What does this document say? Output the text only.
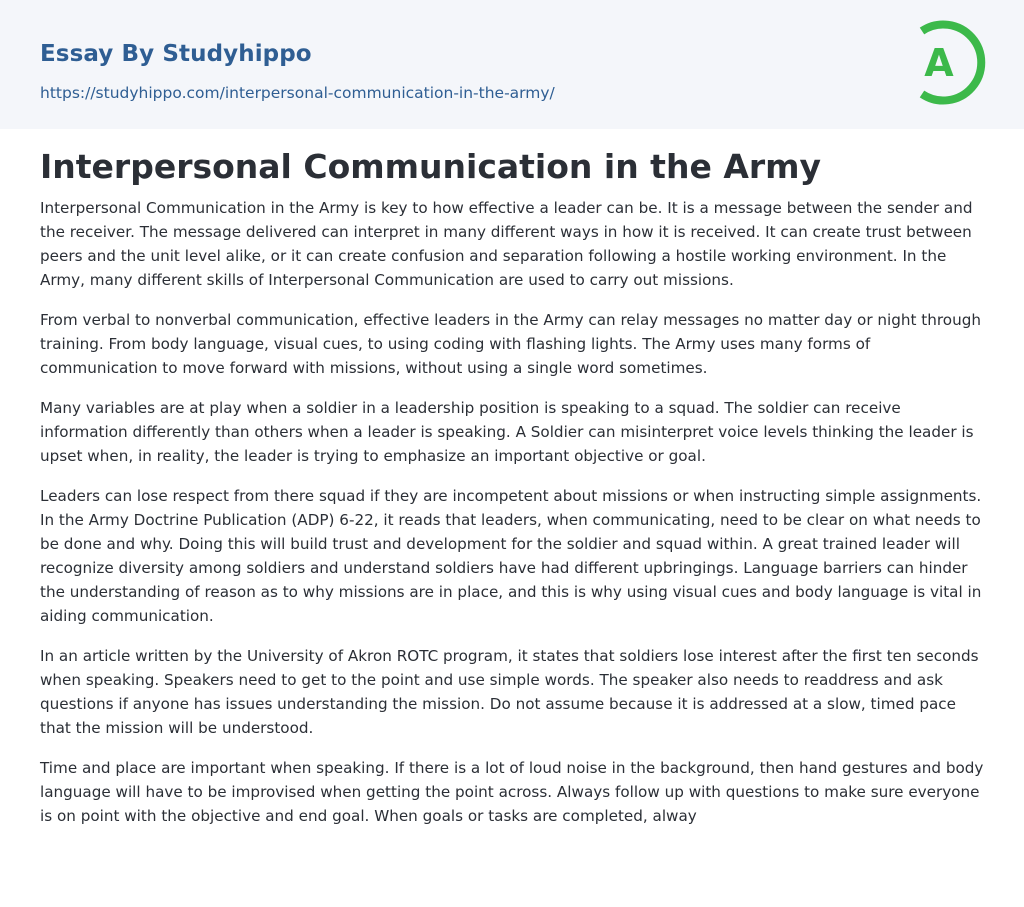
Essay By Studyhippo
https://studyhippo.com/interpersonal-communication-in-the-army/
A
Interpersonal Communication in the Army

Interpersonal Communication in the Army is key to how effective a leader can be. It is a message between the sender and the receiver. The message delivered can interpret in many different ways in how it is received. It can create trust between peers and the unit level alike, or it can create confusion and separation following a hostile working environment. In the Army, many different skills of Interpersonal Communication are used to carry out missions.

From verbal to nonverbal communication, effective leaders in the Army can relay messages no matter day or night through training. From body language, visual cues, to using coding with flashing lights. The Army uses many forms of communication to move forward with missions, without using a single word sometimes.

Many variables are at play when a soldier in a leadership position is speaking to a squad. The soldier can receive information differently than others when a leader is speaking. A Soldier can misinterpret voice levels thinking the leader is upset when, in reality, the leader is trying to emphasize an important objective or goal.

Leaders can lose respect from there squad if they are incompetent about missions or when instructing simple assignments. In the Army Doctrine Publication (ADP) 6-22, it reads that leaders, when communicating, need to be clear on what needs to be done and why. Doing this will build trust and development for the soldier and squad within. A great trained leader will recognize diversity among soldiers and understand soldiers have had different upbringings. Language barriers can hinder the understanding of reason as to why missions are in place, and this is why using visual cues and body language is vital in aiding communication.

In an article written by the University of Akron ROTC program, it states that soldiers lose interest after the first ten seconds when speaking. Speakers need to get to the point and use simple words. The speaker also needs to readdress and ask questions if anyone has issues understanding the mission. Do not assume because it is addressed at a slow, timed pace that the mission will be understood.

Time and place are important when speaking. If there is a lot of loud noise in the background, then hand gestures and body language will have to be improvised when getting the point across. Always follow up with questions to make sure everyone is on point with the objective and end goal. When goals or tasks are completed, alway
